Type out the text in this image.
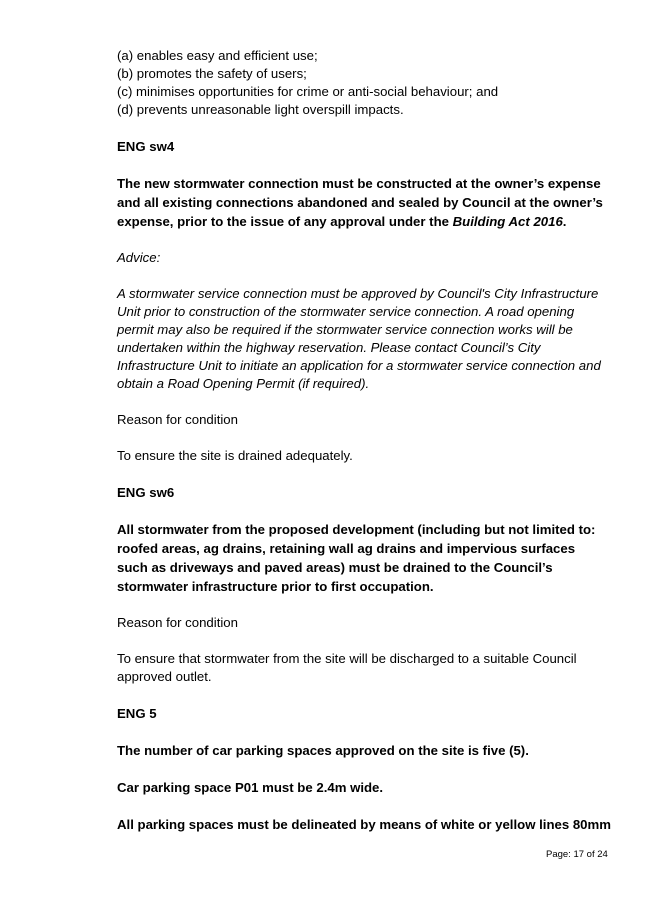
(a) enables easy and efficient use;

(b) promotes the safety of users;

(c) minimises opportunities for crime or anti-social behaviour; and

(d) prevents unreasonable light overspill impacts.

ENG sw4

The new stormwater connection must be constructed at the owner’s expense and all existing connections abandoned and sealed by Council at the owner’s expense, prior to the issue of any approval under the Building Act 2016.

Advice:

A stormwater service connection must be approved by Council's City Infrastructure Unit prior to construction of the stormwater service connection. A road opening permit may also be required if the stormwater service connection works will be undertaken within the highway reservation. Please contact Council’s City Infrastructure Unit to initiate an application for a stormwater service connection and obtain a Road Opening Permit (if required).

Reason for condition

To ensure the site is drained adequately.

ENG sw6

All stormwater from the proposed development (including but not limited to: roofed areas, ag drains, retaining wall ag drains and impervious surfaces such as driveways and paved areas) must be drained to the Council’s stormwater infrastructure prior to first occupation.

Reason for condition

To ensure that stormwater from the site will be discharged to a suitable Council approved outlet.

ENG 5

The number of car parking spaces approved on the site is five (5).

Car parking space P01 must be 2.4m wide.

All parking spaces must be delineated by means of white or yellow lines 80mm

Page: 17 of 24
